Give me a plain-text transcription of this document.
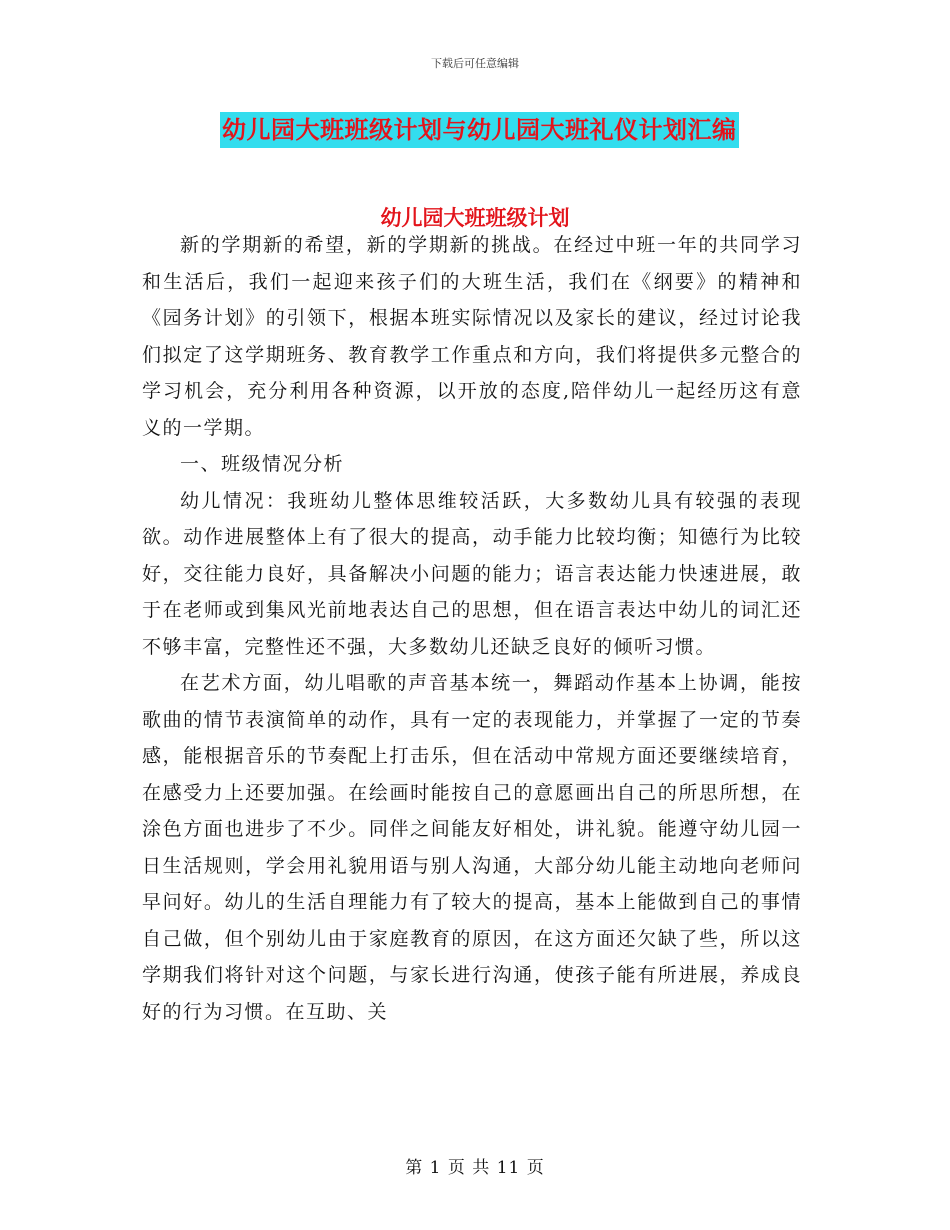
下载后可任意编辑
幼儿园大班班级计划与幼儿园大班礼仪计划汇编
幼儿园大班班级计划

新的学期新的希望，新的学期新的挑战。在经过中班一年的共同学习和生活后，我们一起迎来孩子们的大班生活，我们在《纲要》的精神和《园务计划》的引领下，根据本班实际情况以及家长的建议，经过讨论我们拟定了这学期班务、教育教学工作重点和方向，我们将提供多元整合的学习机会，充分利用各种资源，以开放的态度,陪伴幼儿一起经历这有意义的一学期。

一、班级情况分析

幼儿情况：我班幼儿整体思维较活跃，大多数幼儿具有较强的表现欲。动作进展整体上有了很大的提高，动手能力比较均衡；知德行为比较好，交往能力良好，具备解决小问题的能力；语言表达能力快速进展，敢于在老师或到集风光前地表达自己的思想，但在语言表达中幼儿的词汇还不够丰富，完整性还不强，大多数幼儿还缺乏良好的倾听习惯。

在艺术方面，幼儿唱歌的声音基本统一，舞蹈动作基本上协调，能按歌曲的情节表演简单的动作，具有一定的表现能力，并掌握了一定的节奏感，能根据音乐的节奏配上打击乐，但在活动中常规方面还要继续培育，在感受力上还要加强。在绘画时能按自己的意愿画出自己的所思所想，在涂色方面也进步了不少。同伴之间能友好相处，讲礼貌。能遵守幼儿园一日生活规则，学会用礼貌用语与别人沟通，大部分幼儿能主动地向老师问早问好。幼儿的生活自理能力有了较大的提高，基本上能做到自己的事情自己做，但个别幼儿由于家庭教育的原因，在这方面还欠缺了些，所以这学期我们将针对这个问题，与家长进行沟通，使孩子能有所进展，养成良好的行为习惯。在互助、关

第 1 页 共 11 页
